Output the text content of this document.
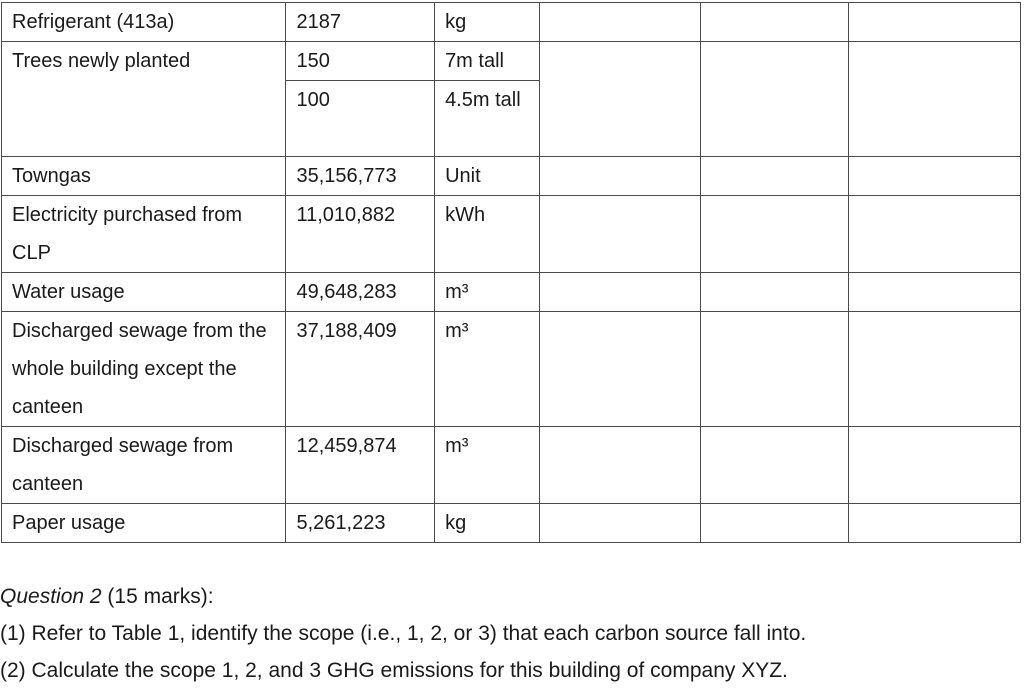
Refrigerant (413a)	2187	kg			
Trees newly planted	150	7m tall			
	100	4.5m tall			
Towngas	35,156,773	Unit			
Electricity purchased from CLP	11,010,882	kWh			
Water usage	49,648,283	m³			
Discharged sewage from the whole building except the canteen	37,188,409	m³			
Discharged sewage from canteen	12,459,874	m³			
Paper usage	5,261,223	kg			

Question 2 (15 marks):

(1) Refer to Table 1, identify the scope (i.e., 1, 2, or 3) that each carbon source fall into.

(2) Calculate the scope 1, 2, and 3 GHG emissions for this building of company XYZ.
